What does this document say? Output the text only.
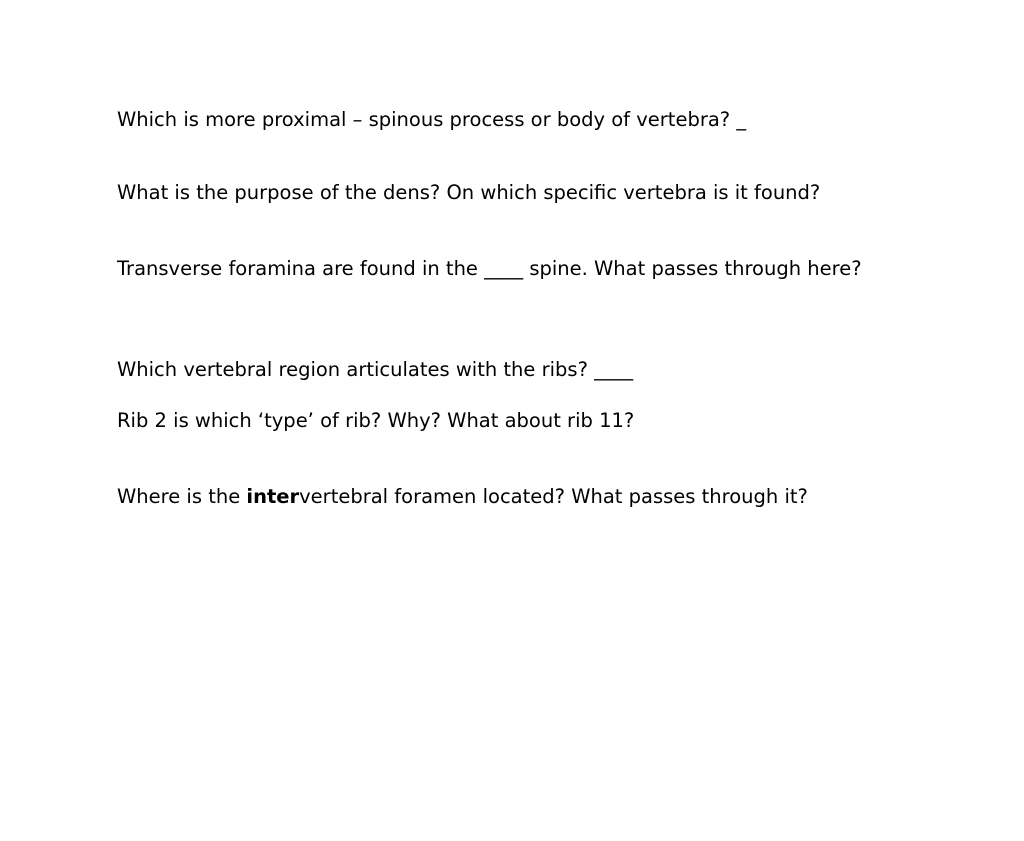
Which is more proximal – spinous process or body of vertebra? _

What is the purpose of the dens? On which specific vertebra is it found?

Transverse foramina are found in the ____ spine. What passes through here?

Which vertebral region articulates with the ribs? ____

Rib 2 is which ‘type’ of rib? Why? What about rib 11?

Where is the intervertebral foramen located? What passes through it?
